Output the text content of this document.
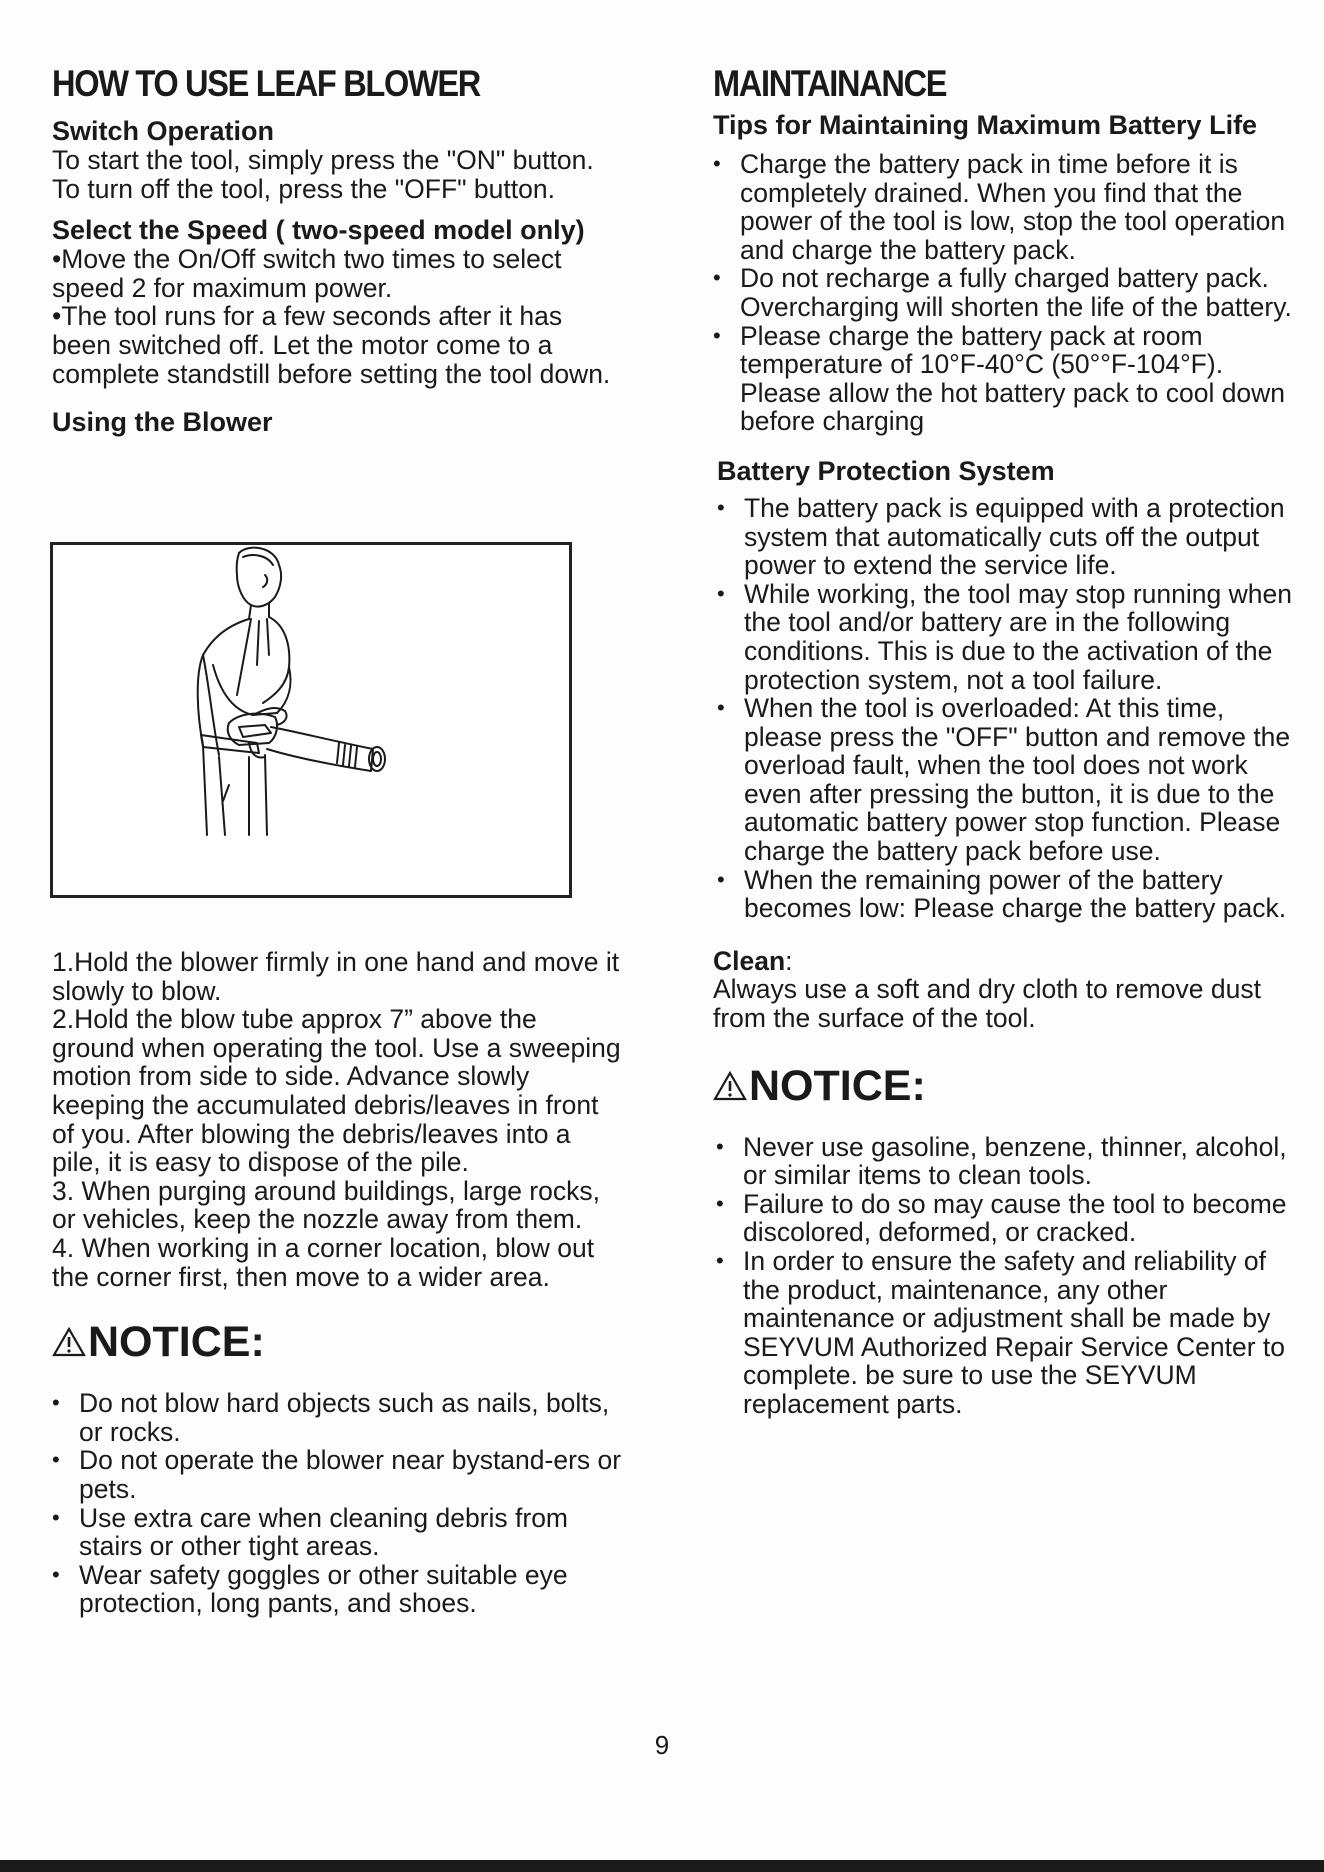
HOW TO USE LEAF BLOWER
Switch Operation

To start the tool, simply press the "ON" button. To turn off the tool, press the "OFF" button.

Select the Speed ( two-speed model only)

•Move the On/Off switch two times to select speed 2 for maximum power.

•The tool runs for a few seconds after it has been switched off. Let the motor come to a complete standstill before setting the tool down.

Using the Blower

1.Hold the blower firmly in one hand and move it slowly to blow.

2.Hold the blow tube approx 7” above the ground when operating the tool. Use a sweeping motion from side to side. Advance slowly keeping the accumulated debris/leaves in front of you. After blowing the debris/leaves into a pile, it is easy to dispose of the pile.

3. When purging around buildings, large rocks, or vehicles, keep the nozzle away from them.

4. When working in a corner location, blow out the corner first, then move to a wider area.

NOTICE:
• Do not blow hard objects such as nails, bolts, or rocks.
• Do not operate the blower near bystand-ers or pets.
• Use extra care when cleaning debris from stairs or other tight areas.
• Wear safety goggles or other suitable eye protection, long pants, and shoes.
MAINTAINANCE
Tips for Maintaining Maximum Battery Life
• Charge the battery pack in time before it is completely drained. When you find that the power of the tool is low, stop the tool operation and charge the battery pack.
• Do not recharge a fully charged battery pack. Overcharging will shorten the life of the battery.
• Please charge the battery pack at room temperature of 10°F-40°C (50°°F-104°F). Please allow the hot battery pack to cool down before charging
Battery Protection System
• The battery pack is equipped with a protection system that automatically cuts off the output power to extend the service life.
• While working, the tool may stop running when the tool and/or battery are in the following conditions. This is due to the activation of the protection system, not a tool failure.
• When the tool is overloaded: At this time, please press the "OFF" button and remove the overload fault, when the tool does not work even after pressing the button, it is due to the automatic battery power stop function. Please charge the battery pack before use.
• When the remaining power of the battery becomes low: Please charge the battery pack.

Clean:

Always use a soft and dry cloth to remove dust from the surface of the tool.

NOTICE:
• Never use gasoline, benzene, thinner, alcohol, or similar items to clean tools.
• Failure to do so may cause the tool to become discolored, deformed, or cracked.
• In order to ensure the safety and reliability of the product, maintenance, any other maintenance or adjustment shall be made by SEYVUM Authorized Repair Service Center to complete. be sure to use the SEYVUM replacement parts.
9
